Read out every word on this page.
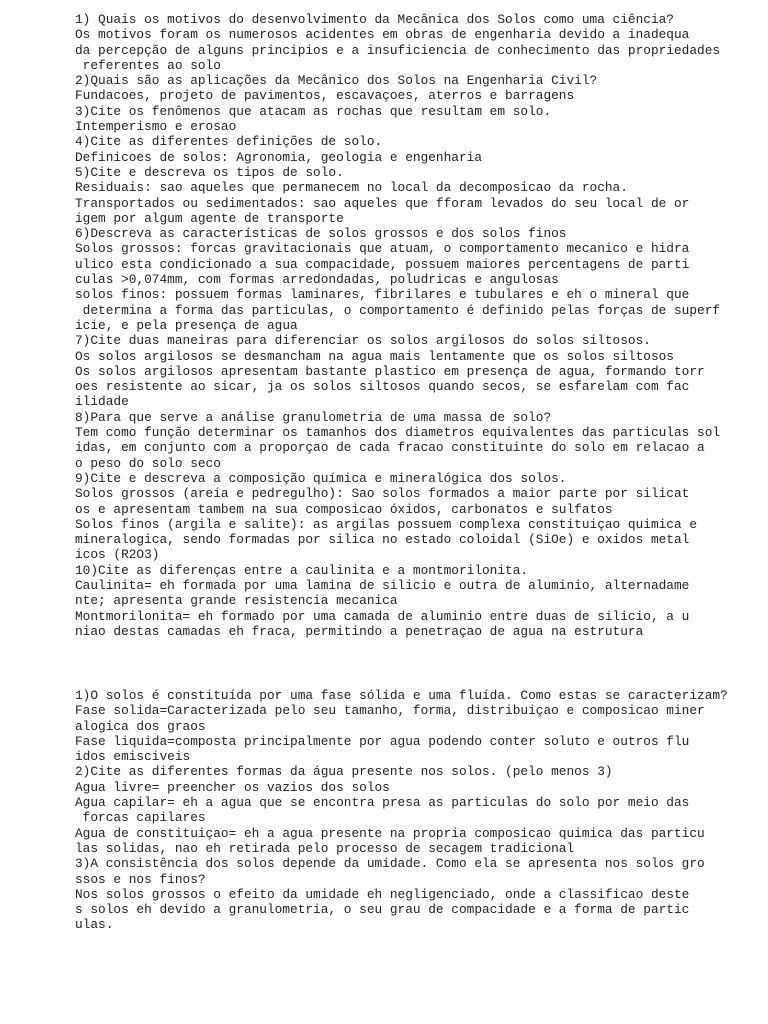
1) Quais os motivos do desenvolvimento da Mecânica dos Solos como uma ciência?
Os motivos foram os numerosos acidentes em obras de engenharia devido a inadequa
da percepção de alguns principios e a insuficiencia de conhecimento das propriedades
referentes ao solo
2)Quais são as aplicações da Mecânico dos Solos na Engenharia Civil?
Fundacoes, projeto de pavimentos, escavaçoes, aterros e barragens
3)Cite os fenômenos que atacam as rochas que resultam em solo.
Intemperismo e erosao
4)Cite as diferentes definições de solo.
Definicoes de solos: Agronomia, geologia e engenharia
5)Cite e descreva os tipos de solo.
Residuais: sao aqueles que permanecem no local da decomposicao da rocha.
Transportados ou sedimentados: sao aqueles que fforam levados do seu local de or
igem por algum agente de transporte
6)Descreva as características de solos grossos e dos solos finos
Solos grossos: forcas gravitacionais que atuam, o comportamento mecanico e hidra
ulico esta condicionado a sua compacidade, possuem maiores percentagens de parti
culas >0,074mm, com formas arredondadas, poludricas e angulosas
solos finos: possuem formas laminares, fibrilares e tubulares e eh o mineral que
determina a forma das particulas, o comportamento é definido pelas forças de superf
icie, e pela presença de agua
7)Cite duas maneiras para diferenciar os solos argilosos do solos siltosos.
Os solos argilosos se desmancham na agua mais lentamente que os solos siltosos
Os solos argilosos apresentam bastante plastico em presença de agua, formando torr
oes resistente ao sicar, ja os solos siltosos quando secos, se esfarelam com fac
ilidade
8)Para que serve a análise granulometria de uma massa de solo?
Tem como função determinar os tamanhos dos diametros equivalentes das particulas sol
idas, em conjunto com a proporçao de cada fracao constituinte do solo em relacao a
o peso do solo seco
9)Cite e descreva a composição química e mineralógica dos solos.
Solos grossos (areia e pedregulho): Sao solos formados a maior parte por silicat
os e apresentam tambem na sua composicao óxidos, carbonatos e sulfatos
Solos finos (argila e salite): as argilas possuem complexa constituiçao quimica e
mineralogica, sendo formadas por silica no estado coloidal (SiOe) e oxidos metal
icos (R2O3)
10)Cite as diferenças entre a caulinita e a montmorilonita.
Caulinita= eh formada por uma lamina de silicio e outra de aluminio, alternadame
nte; apresenta grande resistencia mecanica
Montmorilonita= eh formado por uma camada de aluminio entre duas de silicio, a u
niao destas camadas eh fraca, permitindo a penetraçao de agua na estrutura
1)O solos é constituída por uma fase sólida e uma fluída. Como estas se caracterizam?
Fase solida=Caracterizada pelo seu tamanho, forma, distribuiçao e composicao miner
alogica dos graos
Fase liquida=composta principalmente por agua podendo conter soluto e outros flu
idos emisciveis
2)Cite as diferentes formas da água presente nos solos. (pelo menos 3)
Agua livre= preencher os vazios dos solos
Agua capilar= eh a agua que se encontra presa as particulas do solo por meio das
forcas capilares
Agua de constituiçao= eh a agua presente na propria composicao quimica das particu
las solidas, nao eh retirada pelo processo de secagem tradicional
3)A consistência dos solos depende da umidade. Como ela se apresenta nos solos gro
ssos e nos finos?
Nos solos grossos o efeito da umidade eh negligenciado, onde a classificao deste
s solos eh devido a granulometria, o seu grau de compacidade e a forma de partic
ulas.
